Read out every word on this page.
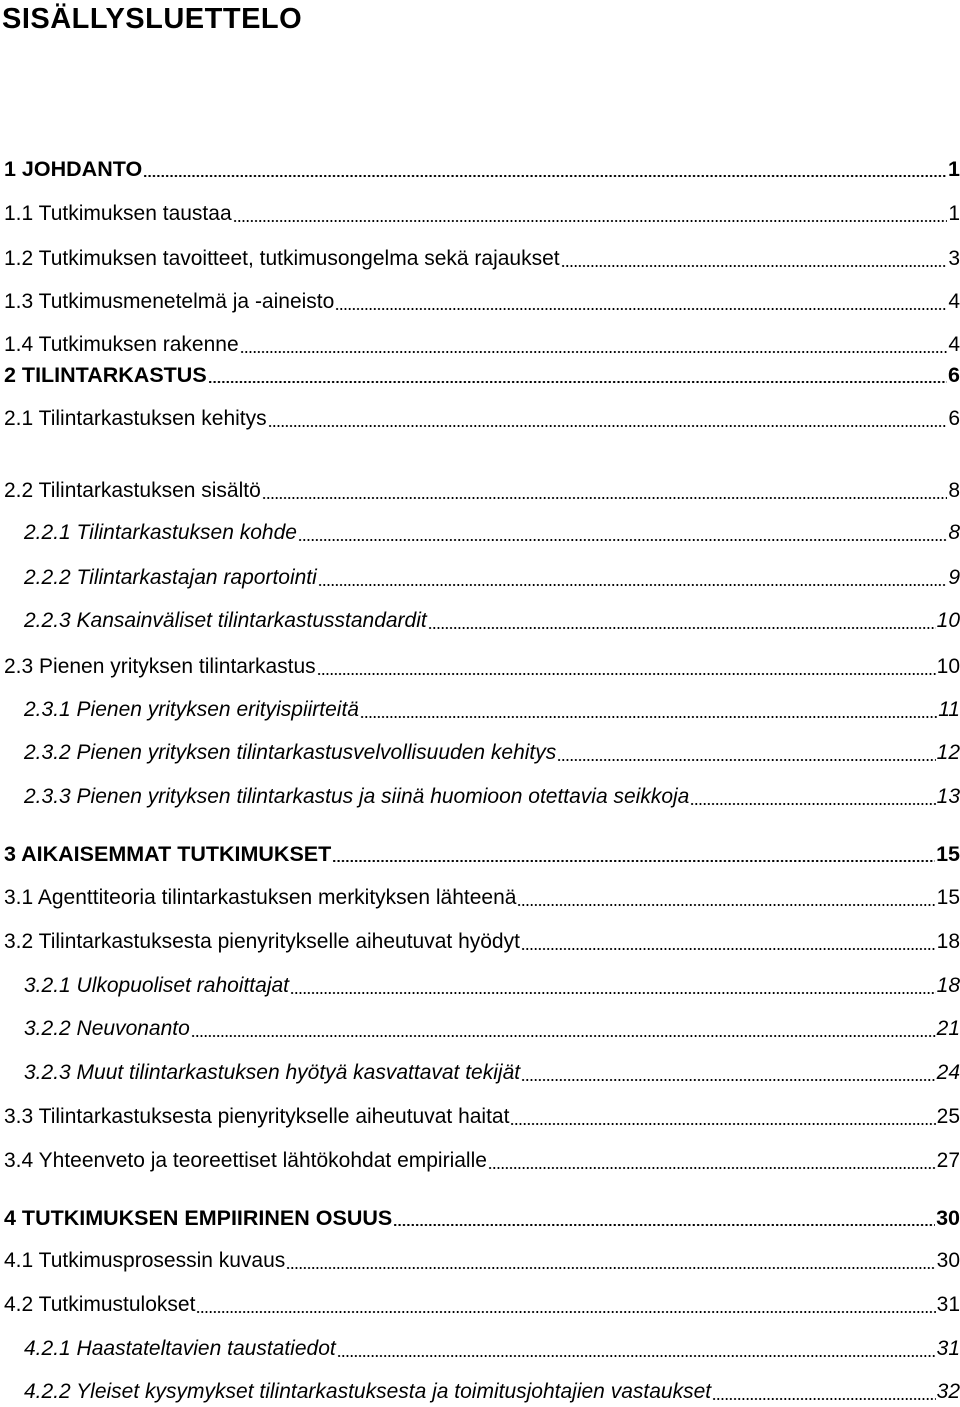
SISÄLLYSLUETTELO
1 JOHDANTO	1
1.1 Tutkimuksen taustaa	1
1.2 Tutkimuksen tavoitteet, tutkimusongelma sekä rajaukset	3
1.3 Tutkimusmenetelmä ja -aineisto	4
1.4 Tutkimuksen rakenne	4
2 TILINTARKASTUS	6
2.1 Tilintarkastuksen kehitys	6
2.2 Tilintarkastuksen sisältö	8
2.2.1 Tilintarkastuksen kohde	8
2.2.2 Tilintarkastajan raportointi	9
2.2.3 Kansainväliset tilintarkastusstandardit	10
2.3 Pienen yrityksen tilintarkastus	10
2.3.1 Pienen yrityksen erityispiirteitä	11
2.3.2 Pienen yrityksen tilintarkastusvelvollisuuden kehitys	12
2.3.3 Pienen yrityksen tilintarkastus ja siinä huomioon otettavia seikkoja	13
3 AIKAISEMMAT TUTKIMUKSET	15
3.1 Agenttiteoria tilintarkastuksen merkityksen lähteenä	15
3.2 Tilintarkastuksesta pienyritykselle aiheutuvat hyödyt	18
3.2.1 Ulkopuoliset rahoittajat	18
3.2.2 Neuvonanto	21
3.2.3 Muut tilintarkastuksen hyötyä kasvattavat tekijät	24
3.3 Tilintarkastuksesta pienyritykselle aiheutuvat haitat	25
3.4 Yhteenveto ja teoreettiset lähtökohdat empirialle	27
4 TUTKIMUKSEN EMPIIRINEN OSUUS	30
4.1 Tutkimusprosessin kuvaus	30
4.2 Tutkimustulokset	31
4.2.1 Haastateltavien taustatiedot	31
4.2.2 Yleiset kysymykset tilintarkastuksesta ja toimitusjohtajien vastaukset	32
